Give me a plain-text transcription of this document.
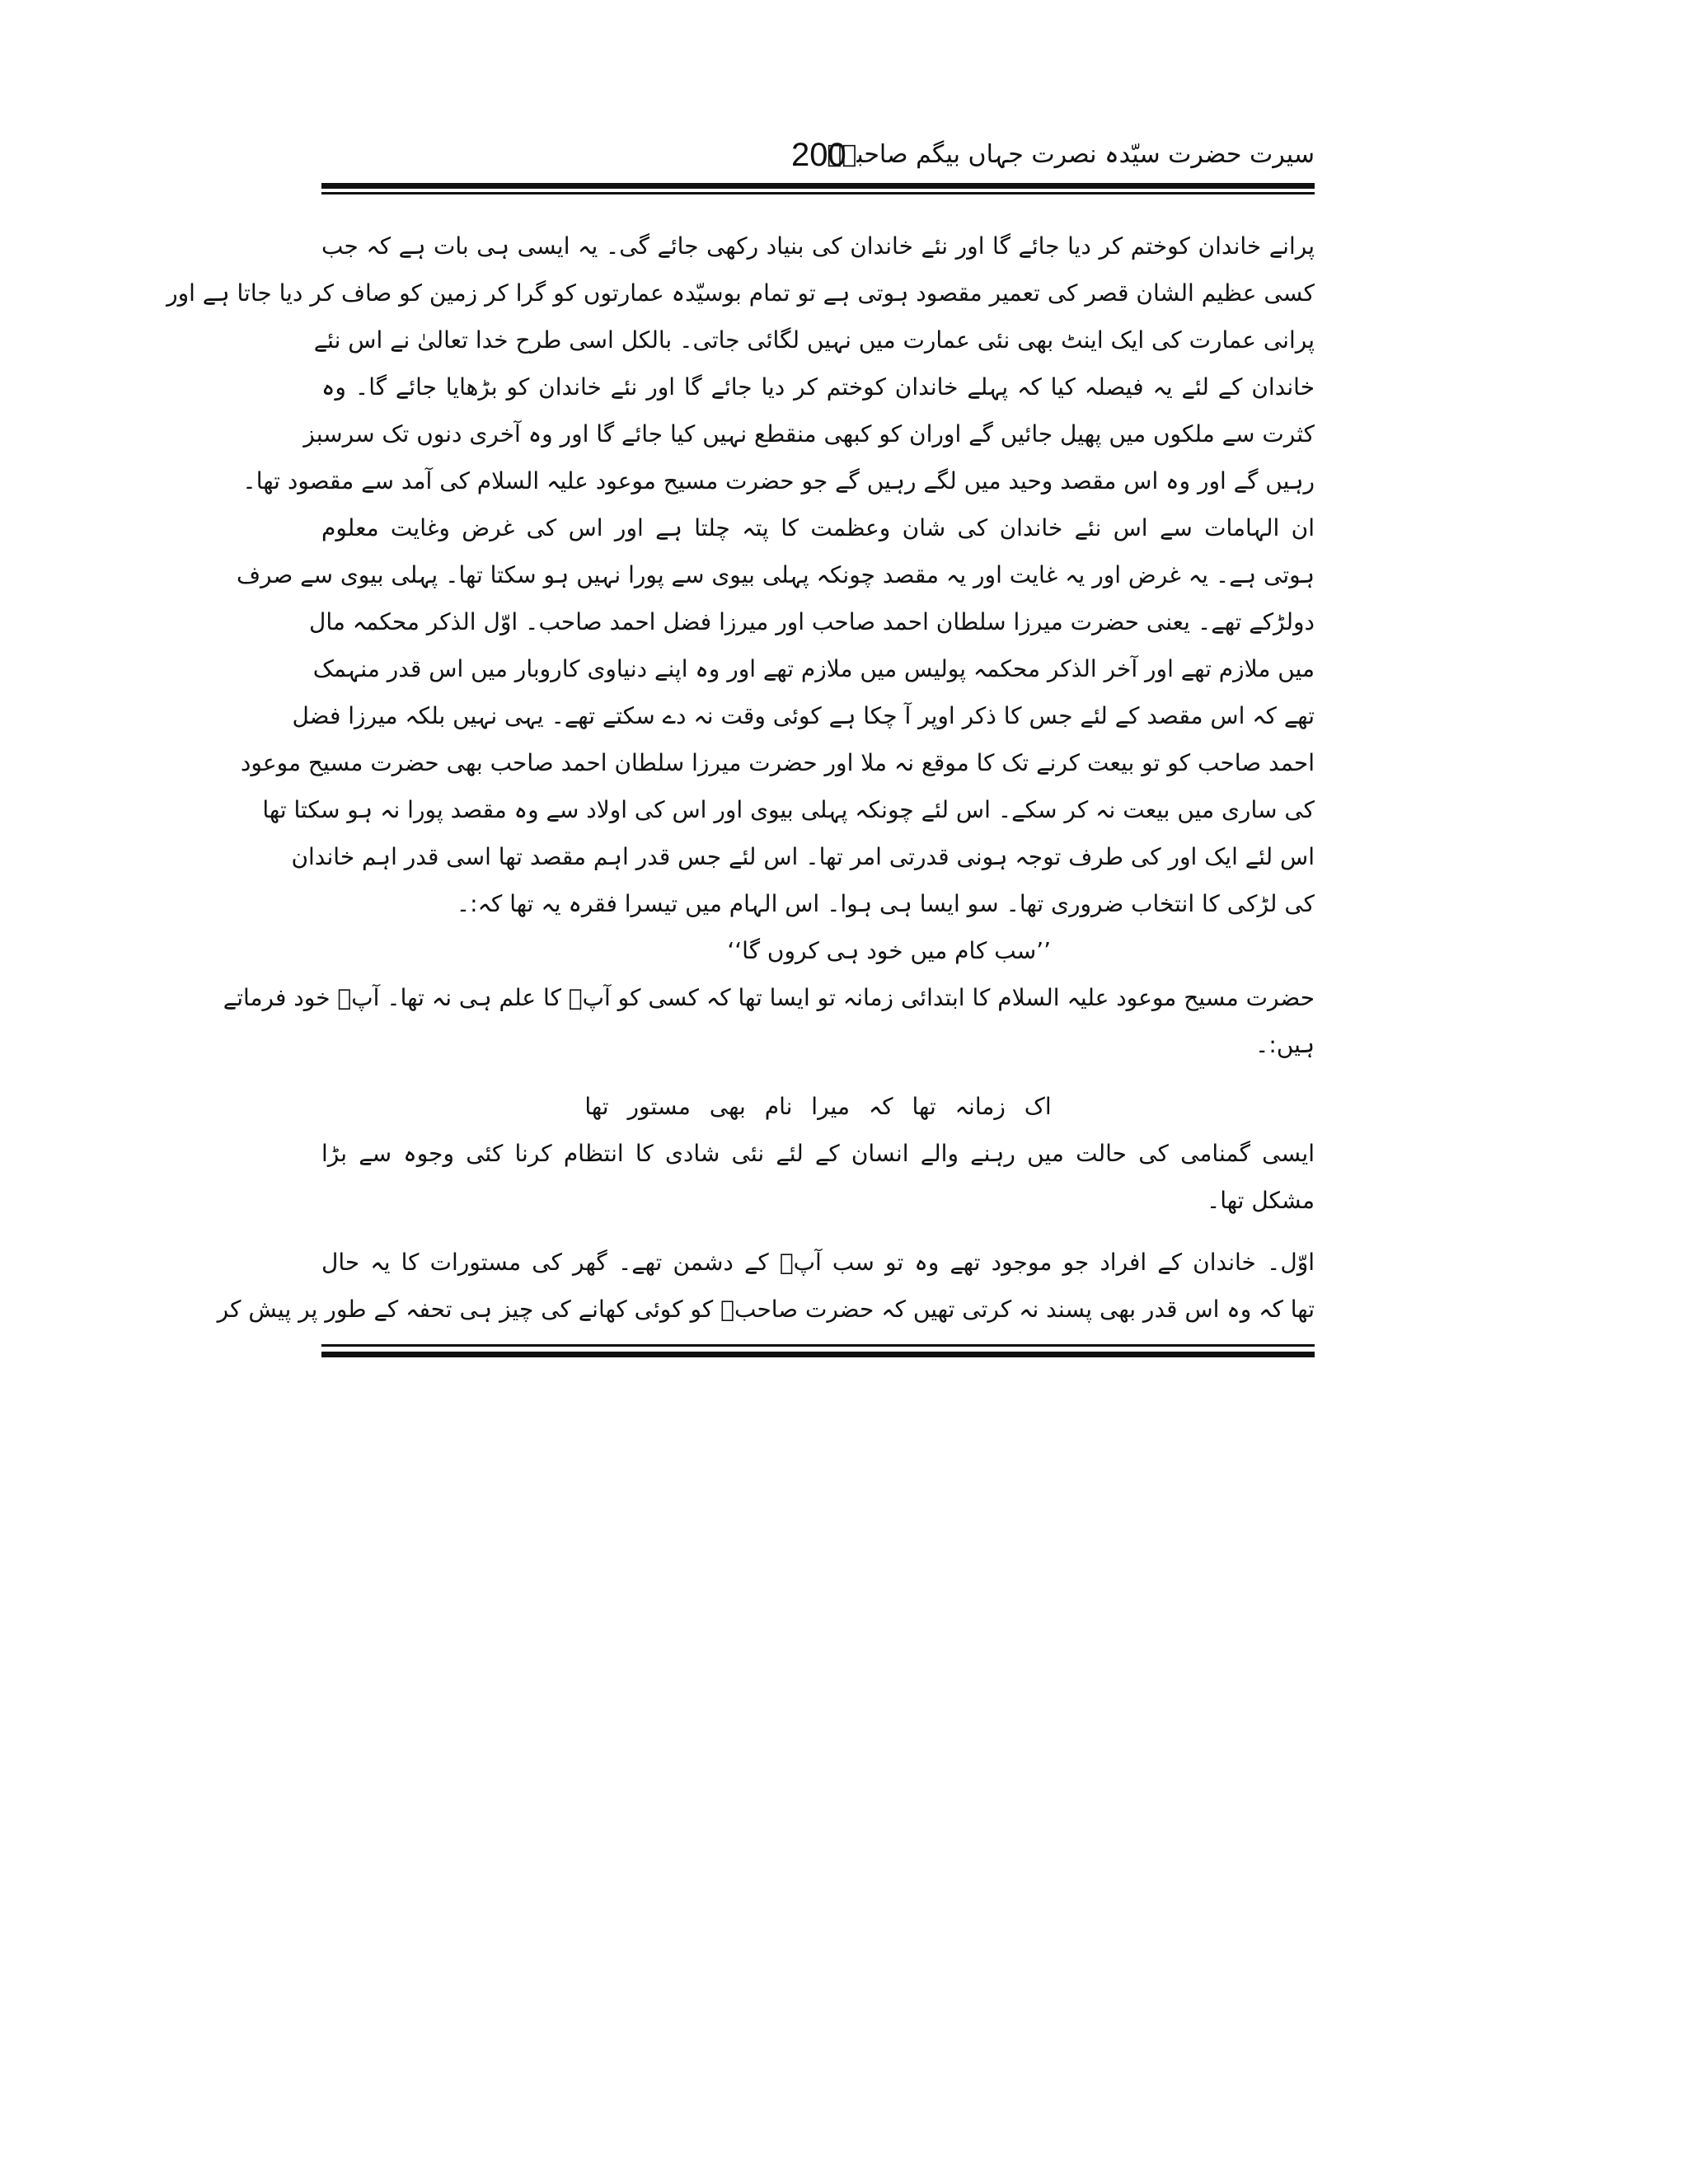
200
سیرت حضرت سیّدہ نصرت جہاں بیگم صاحبہؓ
پرانے خاندان کوختم کر دیا جائے گا اور نئے خاندان کی بنیاد رکھی جائے گی۔ یہ ایسی ہی بات ہے کہ جب
کسی عظیم الشان قصر کی تعمیر مقصود ہوتی ہے تو تمام بوسیّدہ عمارتوں کو گرا کر زمین کو صاف کر دیا جاتا ہے اور
پرانی عمارت کی ایک اینٹ بھی نئی عمارت میں نہیں لگائی جاتی۔ بالکل اسی طرح خدا تعالیٰ نے اس نئے
خاندان کے لئے یہ فیصلہ کیا کہ پہلے خاندان کوختم کر دیا جائے گا اور نئے خاندان کو بڑھایا جائے گا۔ وہ
کثرت سے ملکوں میں پھیل جائیں گے اوران کو کبھی منقطع نہیں کیا جائے گا اور وہ آخری دنوں تک سرسبز
رہیں گے اور وہ اس مقصد وحید میں لگے رہیں گے جو حضرت مسیح موعود علیہ السلام کی آمد سے مقصود تھا۔
ان الہامات سے اس نئے خاندان کی شان وعظمت کا پتہ چلتا ہے اور اس کی غرض وغایت معلوم
ہوتی ہے۔ یہ غرض اور یہ غایت اور یہ مقصد چونکہ پہلی بیوی سے پورا نہیں ہو سکتا تھا۔ پہلی بیوی سے صرف
دولڑکے تھے۔ یعنی حضرت میرزا سلطان احمد صاحب اور میرزا فضل احمد صاحب۔ اوّل الذکر محکمہ مال
میں ملازم تھے اور آخر الذکر محکمہ پولیس میں ملازم تھے اور وہ اپنے دنیاوی کاروبار میں اس قدر منہمک
تھے کہ اس مقصد کے لئے جس کا ذکر اوپر آ چکا ہے کوئی وقت نہ دے سکتے تھے۔ یہی نہیں بلکہ میرزا فضل
احمد صاحب کو تو بیعت کرنے تک کا موقع نہ ملا اور حضرت میرزا سلطان احمد صاحب بھی حضرت مسیح موعود
کی ساری میں بیعت نہ کر سکے۔ اس لئے چونکہ پہلی بیوی اور اس کی اولاد سے وہ مقصد پورا نہ ہو سکتا تھا
اس لئے ایک اور کی طرف توجہ ہونی قدرتی امر تھا۔ اس لئے جس قدر اہم مقصد تھا اسی قدر اہم خاندان
کی لڑکی کا انتخاب ضروری تھا۔ سو ایسا ہی ہوا۔ اس الہام میں تیسرا فقرہ یہ تھا کہ:۔
’’سب کام میں خود ہی کروں گا‘‘
حضرت مسیح موعود علیہ السلام کا ابتدائی زمانہ تو ایسا تھا کہ کسی کو آپؑ کا علم ہی نہ تھا۔ آپؑ خود فرماتے
ہیں:۔
اک زمانہ تھا کہ میرا نام بھی مستور تھا
ایسی گمنامی کی حالت میں رہنے والے انسان کے لئے نئی شادی کا انتظام کرنا کئی وجوہ سے بڑا
مشکل تھا۔
اوّل۔ خاندان کے افراد جو موجود تھے وہ تو سب آپؑ کے دشمن تھے۔ گھر کی مستورات کا یہ حال
تھا کہ وہ اس قدر بھی پسند نہ کرتی تھیں کہ حضرت صاحبؑ کو کوئی کھانے کی چیز ہی تحفہ کے طور پر پیش کر
